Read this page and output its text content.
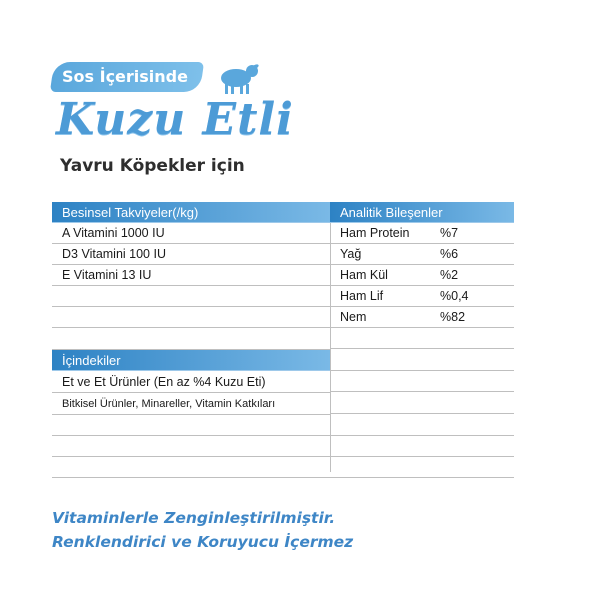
Sos İçerisinde
Kuzu Etli
Yavru Köpekler için
Besinsel Takviyeler(/kg)
A Vitamini 1000 IU
D3 Vitamini 100 IU
E Vitamini 13 IU
İçindekiler
Et ve Et Ürünler (En az %4 Kuzu Eti)
Bitkisel Ürünler, Minareller, Vitamin Katkıları
Analitik Bileşenler
Ham Protein %7
Yağ	%6
Ham Kül	%2
Ham Lif	%0,4
Nem	%82
Vitaminlerle Zenginleştirilmiştir.
Renklendirici ve Koruyucu İçermez
